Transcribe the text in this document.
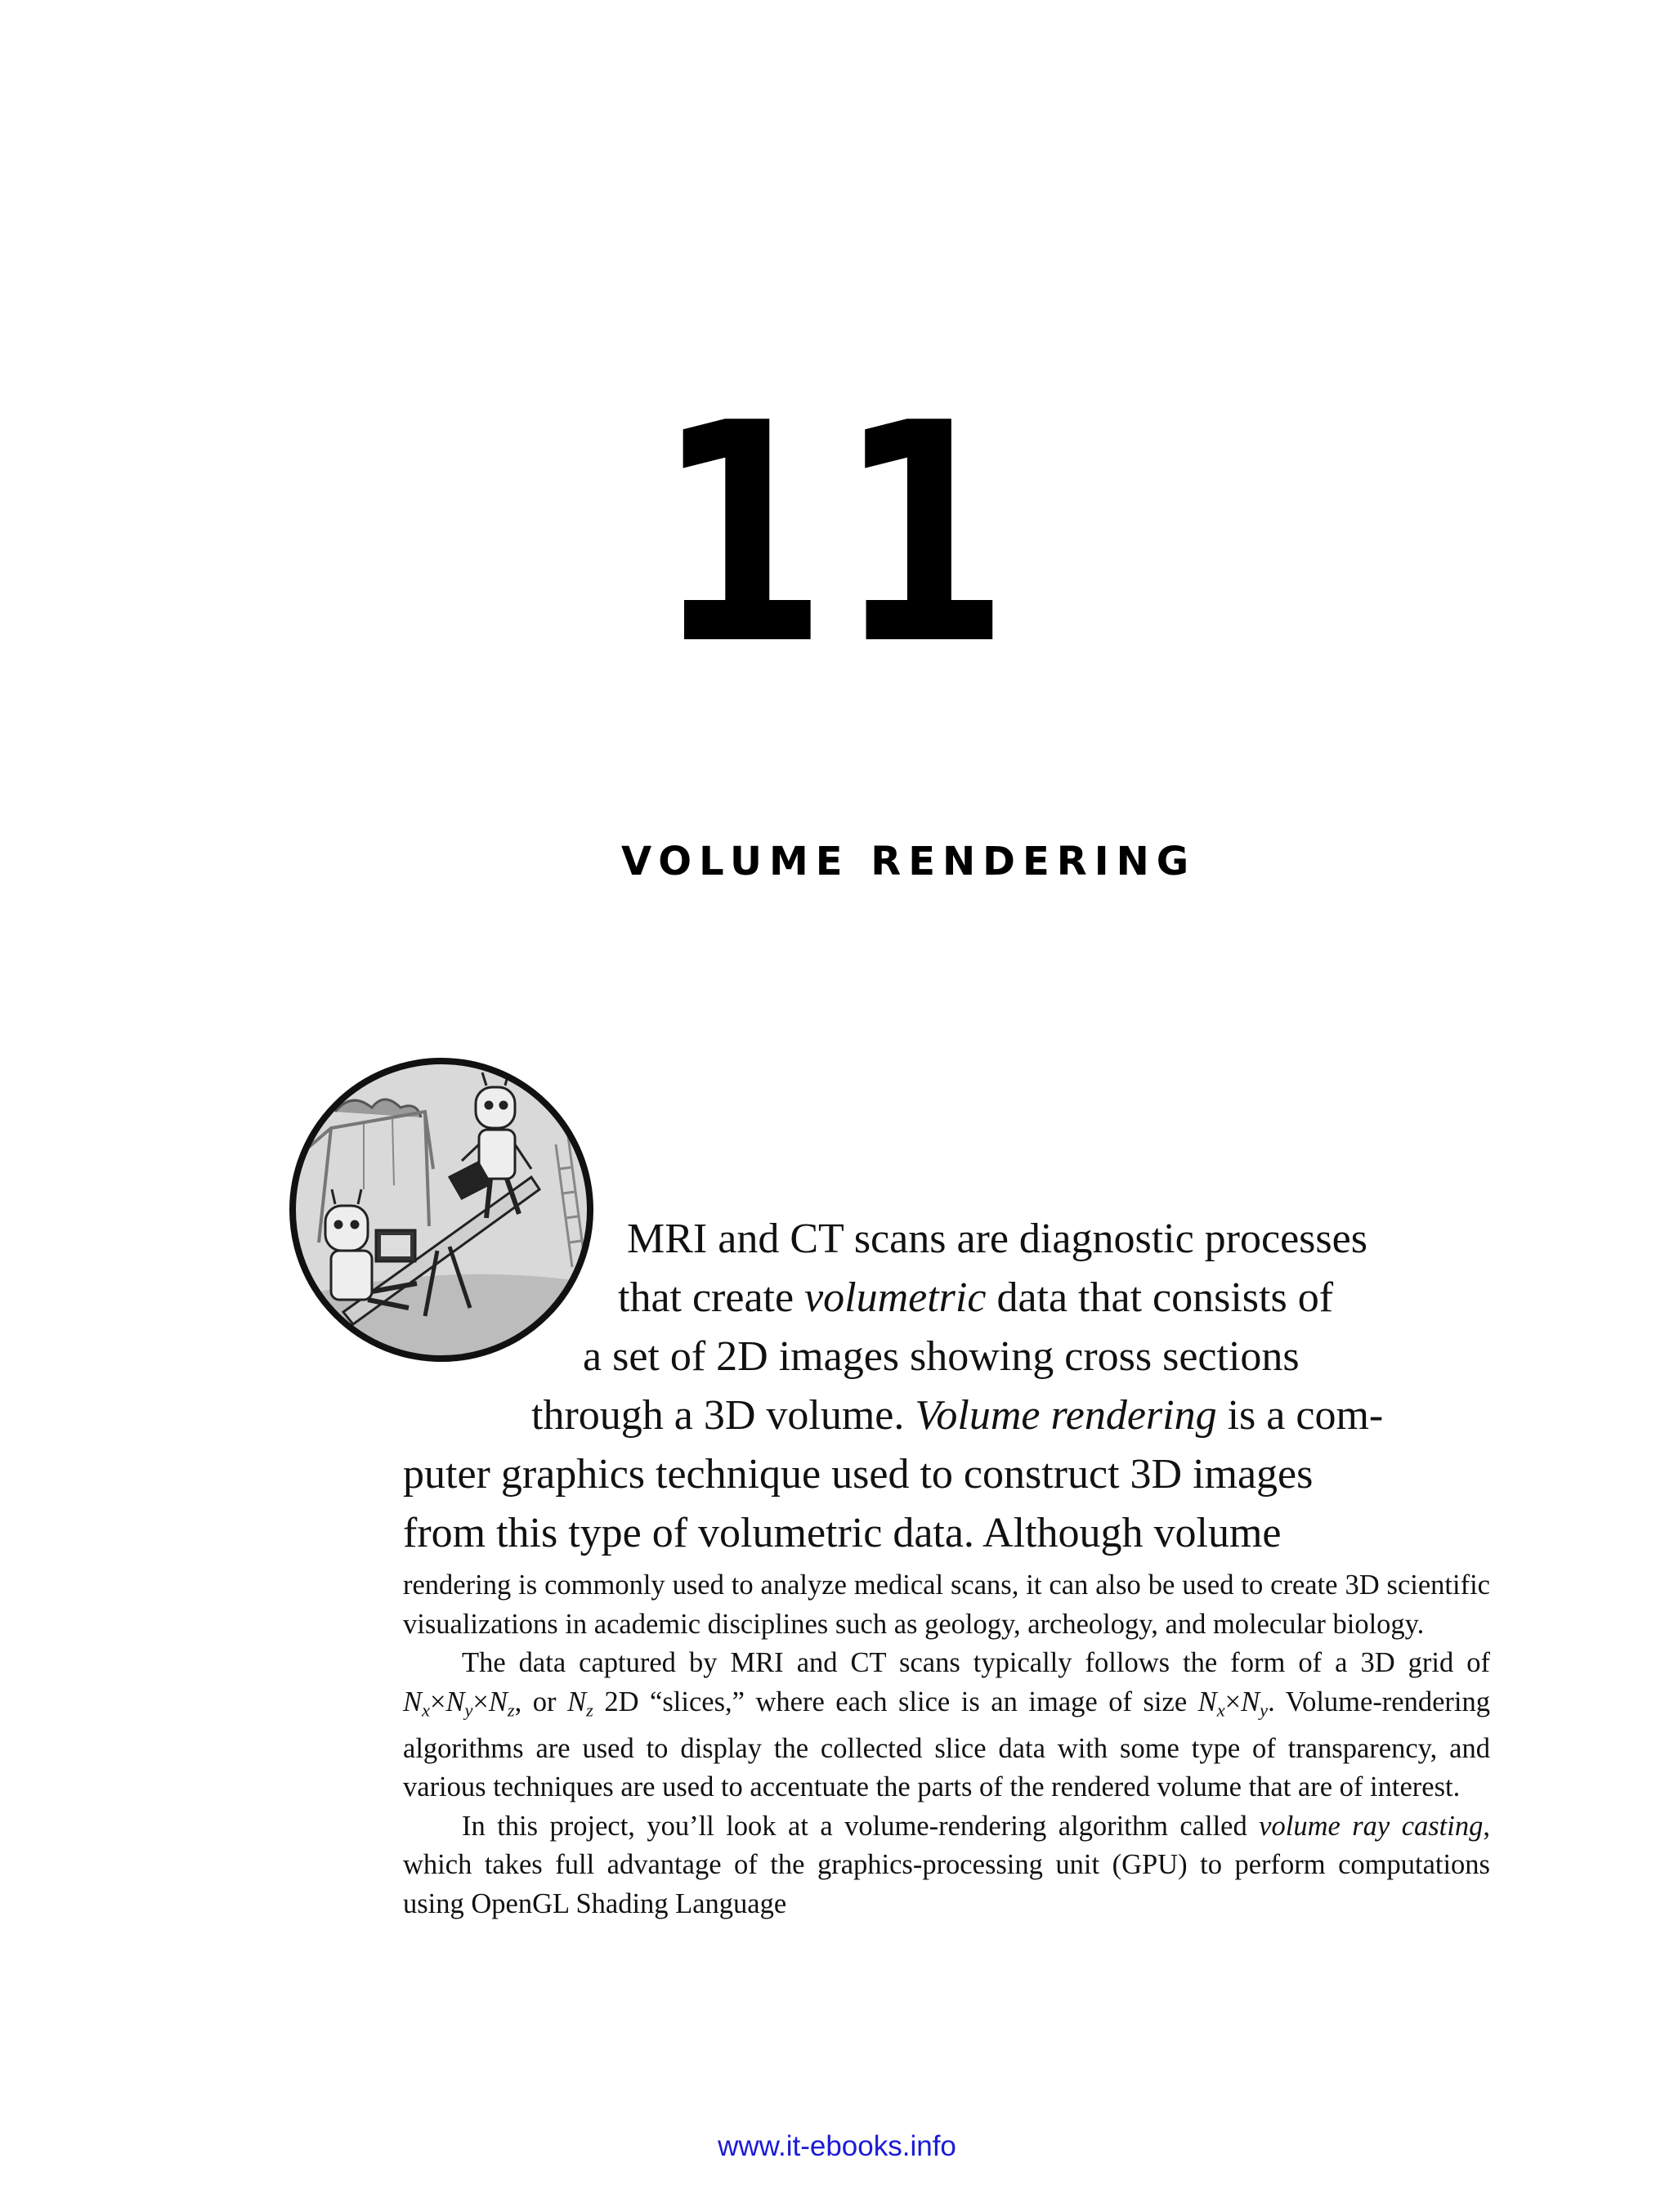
11
VOLUME RENDERING
MRI and CT scans are diagnostic processes
that create volumetric data that consists of
a set of 2D images showing cross sections
through a 3D volume. Volume rendering is a com-
puter graphics technique used to construct 3D images
from this type of volumetric data. Although volume

rendering is commonly used to analyze medical scans, it can also be used to create 3D scientific visualizations in academic disciplines such as geology, archeology, and molecular biology.

The data captured by MRI and CT scans typically follows the form of a 3D grid of $N_x\times N_y\times N_z$, or $N_z$ 2D “slices,” where each slice is an image of size $N_x\times N_y$. Volume-rendering algorithms are used to display the collected slice data with some type of transparency, and various techniques are used to accentuate the parts of the rendered volume that are of interest.

In this project, you’ll look at a volume-rendering algorithm called volume ray casting, which takes full advantage of the graphics-processing unit (GPU) to perform computations using OpenGL Shading Language

www.it-ebooks.info
